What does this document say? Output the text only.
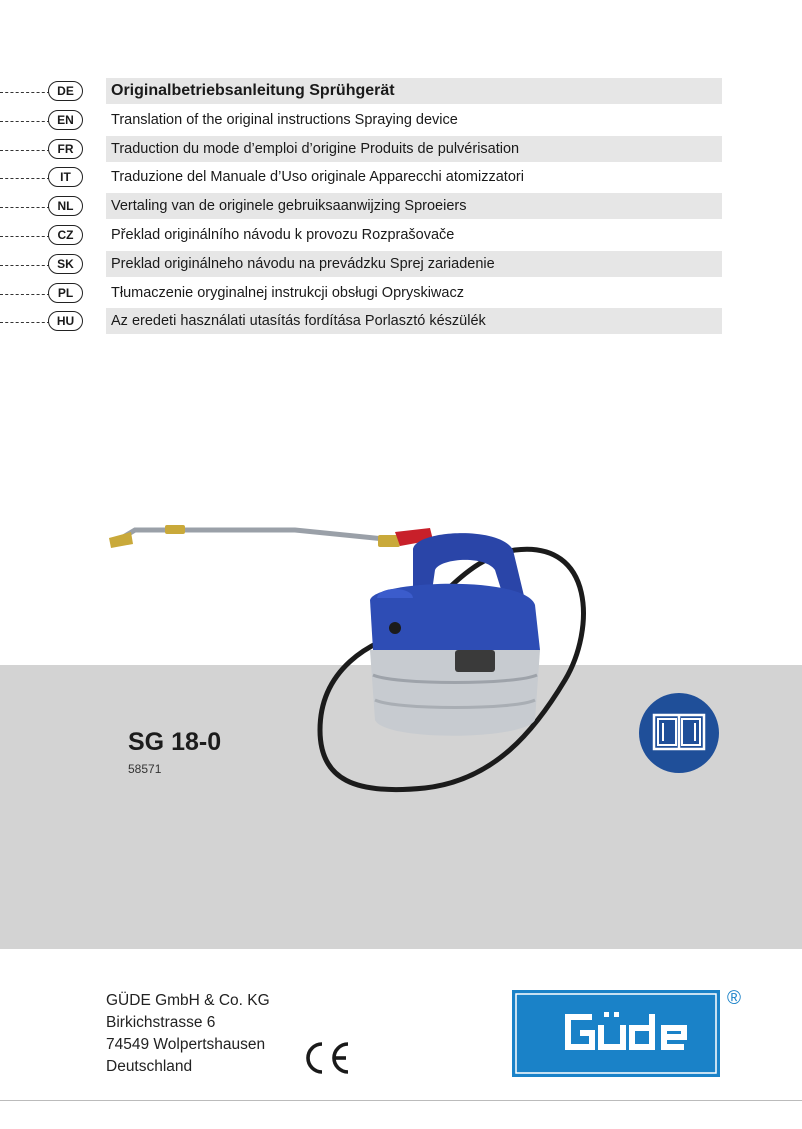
DE	Originalbetriebsanleitung Sprühgerät
EN	Translation of the original instructions Spraying device
FR	Traduction du mode d’emploi d’origine Produits de pulvérisation
IT	Traduzione del Manuale d’Uso originale Apparecchi atomizzatori
NL	Vertaling van de originele gebruiksaanwijzing Sproeiers
CZ	Překlad originálního návodu k provozu Rozprašovače
SK	Preklad originálneho návodu na prevádzku Sprej zariadenie
PL	Tłumaczenie oryginalnej instrukcji obsługi Opryskiwacz
HU	Az eredeti használati utasítás fordítása Porlasztó készülék
SG 18-0
58571
GÜDE GmbH & Co. KG
Birkichstrasse 6
74549 Wolpertshausen
Deutschland
®
